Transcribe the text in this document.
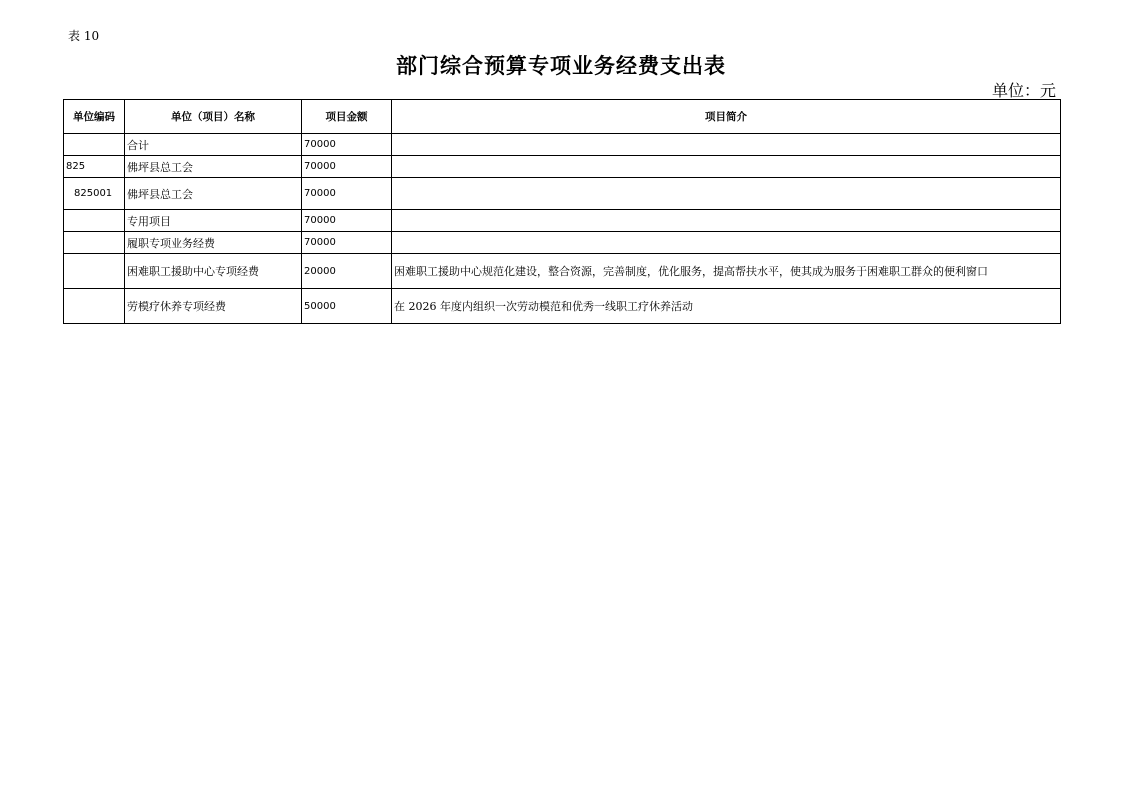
表 10
部门综合预算专项业务经费支出表
单位：元
单位编码	单位（项目）名称	项目金额	项目简介
	合计	70000	
825	佛坪县总工会	70000	
825001	佛坪县总工会	70000	
	专用项目	70000	
	履职专项业务经费	70000	
	困难职工援助中心专项经费	20000	困难职工援助中心规范化建设，整合资源，完善制度，优化服务，提高帮扶水平，使其成为服务于困难职工群众的便利窗口
	劳模疗休养专项经费	50000	在 2026 年度内组织一次劳动模范和优秀一线职工疗休养活动
